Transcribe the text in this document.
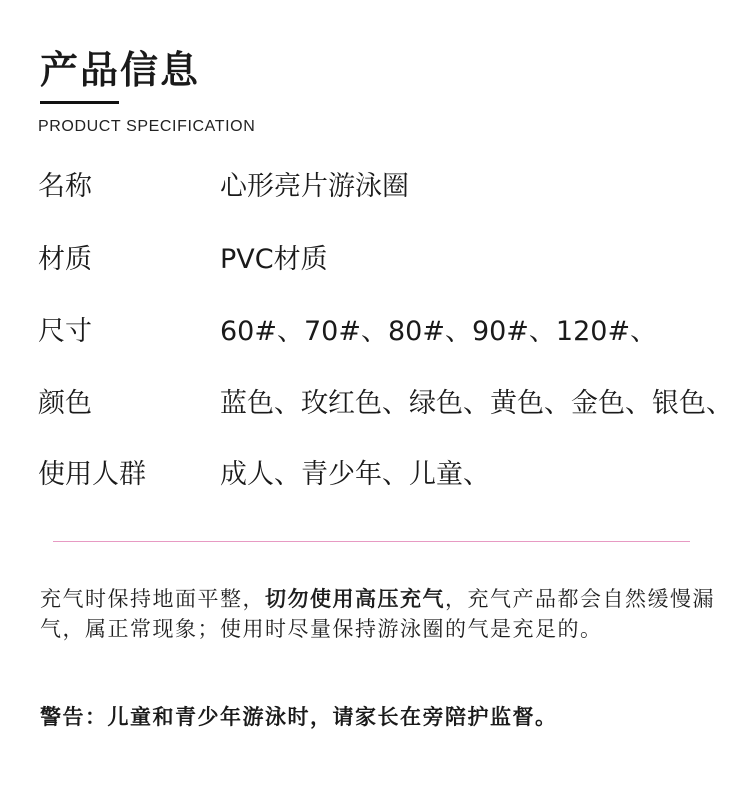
产品信息
PRODUCT SPECIFICATION
名称	心形亮片游泳圈
材质	PVC材质
尺寸	60#、70#、80#、90#、120#、
颜色	蓝色、玫红色、绿色、黄色、金色、银色、
使用人群	成人、青少年、儿童、
充气时保持地面平整，切勿使用高压充气，充气产品都会自然缓慢漏气，属正常现象；使用时尽量保持游泳圈的气是充足的。
警告：儿童和青少年游泳时，请家长在旁陪护监督。
